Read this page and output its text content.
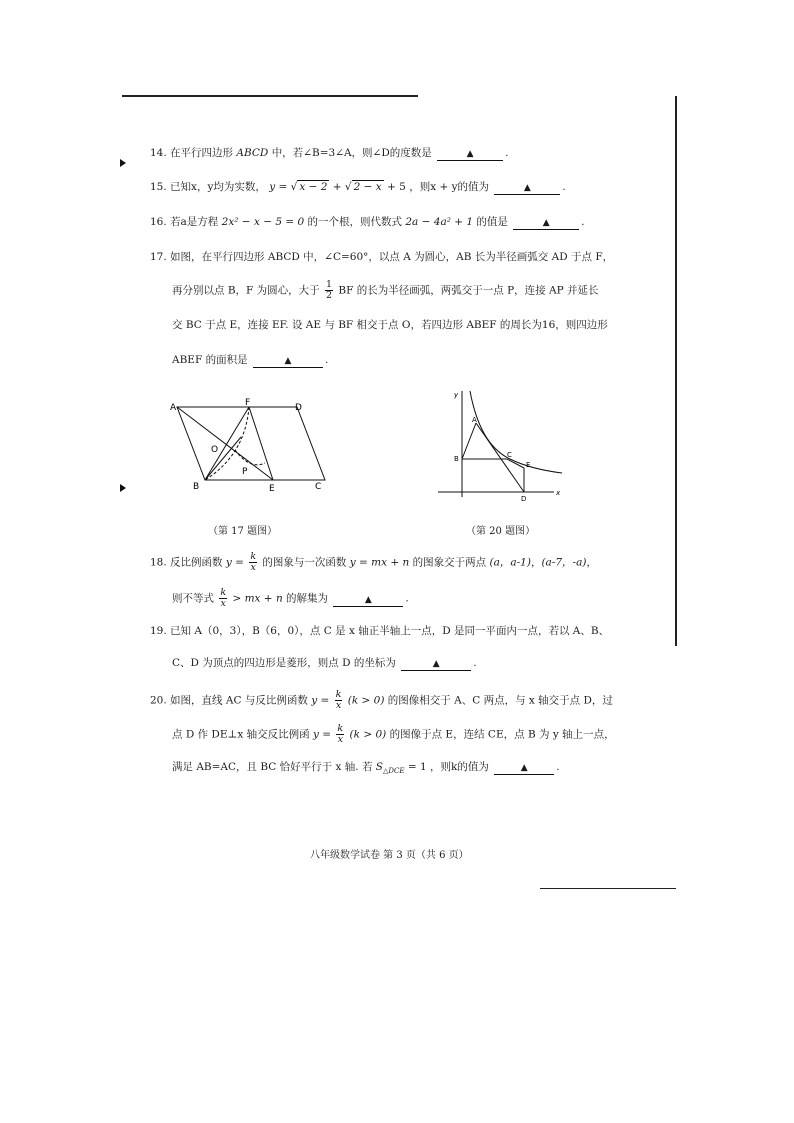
14. 在平行四边形 ABCD 中，若∠B=3∠A，则∠D的度数是	▲	.
15. 已知x，y均为实数， y = √ x − 2 + √ 2 − x + 5 ，则x + y的值为	▲	.
16. 若a是方程 2x² − x − 5 = 0 的一个根，则代数式 2a − 4a² + 1 的值是	▲	.
17. 如图，在平行四边形 ABCD 中，∠C=60°，以点 A 为圆心，AB 长为半径画弧交 AD 于点 F，
再分别以点 B，F 为圆心，大于 $\frac{1}{2}$ BF 的长为半径画弧，两弧交于一点 P，连接 AP 并延长
交 BC 于点 E，连接 EF. 设 AE 与 BF 相交于点 O，若四边形 ABEF 的周长为16，则四边形
ABEF 的面积是	▲	.
A	F	D
O
P
B	E	C
（第 17 题图）
y
A
B	C
E
D
x
（第 20 题图）
18. 反比例函数 $y = \frac{k}{x}$ 的图象与一次函数 y = mx + n 的图象交于两点 (a，a-1)，(a-7，-a)，
则不等式 $\frac{k}{x}$ > mx + n 的解集为	▲	.
19. 已知 A（0，3），B（6，0），点 C 是 x 轴正半轴上一点，D 是同一平面内一点，若以 A、B、
C、D 为顶点的四边形是菱形，则点 D 的坐标为	▲	.
20. 如图，直线 AC 与反比例函数 $y = \frac{k}{x} (k > 0)$ 的图像相交于 A、C 两点，与 x 轴交于点 D，过
点 D 作 DE⊥x 轴交反比例函 $y = \frac{k}{x} (k > 0)$ 的图像于点 E，连结 CE，点 B 为 y 轴上一点，
满足 AB=AC，且 BC 恰好平行于 x 轴. 若 $S_{\triangle DCE} = 1$ ，则k的值为	▲	.
八年级数学试卷 第 3 页（共 6 页）
